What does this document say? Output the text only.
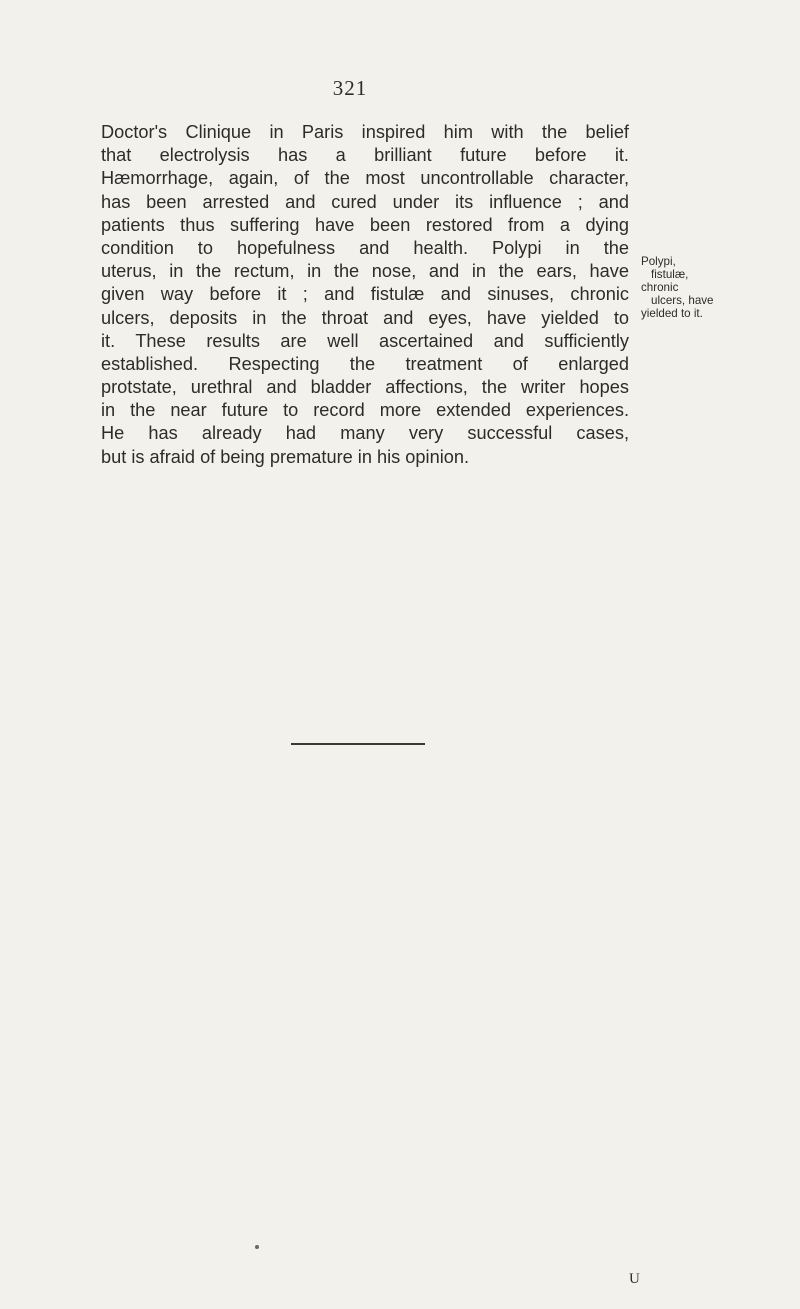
321
Doctor's Clinique in Paris inspired him with the belief
that electrolysis has a brilliant future before it.
Hæmorrhage, again, of the most uncontrollable character,
has been arrested and cured under its influence ; and
patients thus suffering have been restored from a dying
condition to hopefulness and health. Polypi in the
uterus, in the rectum, in the nose, and in the ears, have
given way before it ; and fistulæ and sinuses, chronic
ulcers, deposits in the throat and eyes, have yielded to
it. These results are well ascertained and sufficiently
established. Respecting the treatment of enlarged
protstate, urethral and bladder affections, the writer hopes
in the near future to record more extended experiences.
He has already had many very successful cases,
but is afraid of being premature in his opinion.
Polypi,
fistulæ,
chronic
ulcers, have
yielded to it.
U
